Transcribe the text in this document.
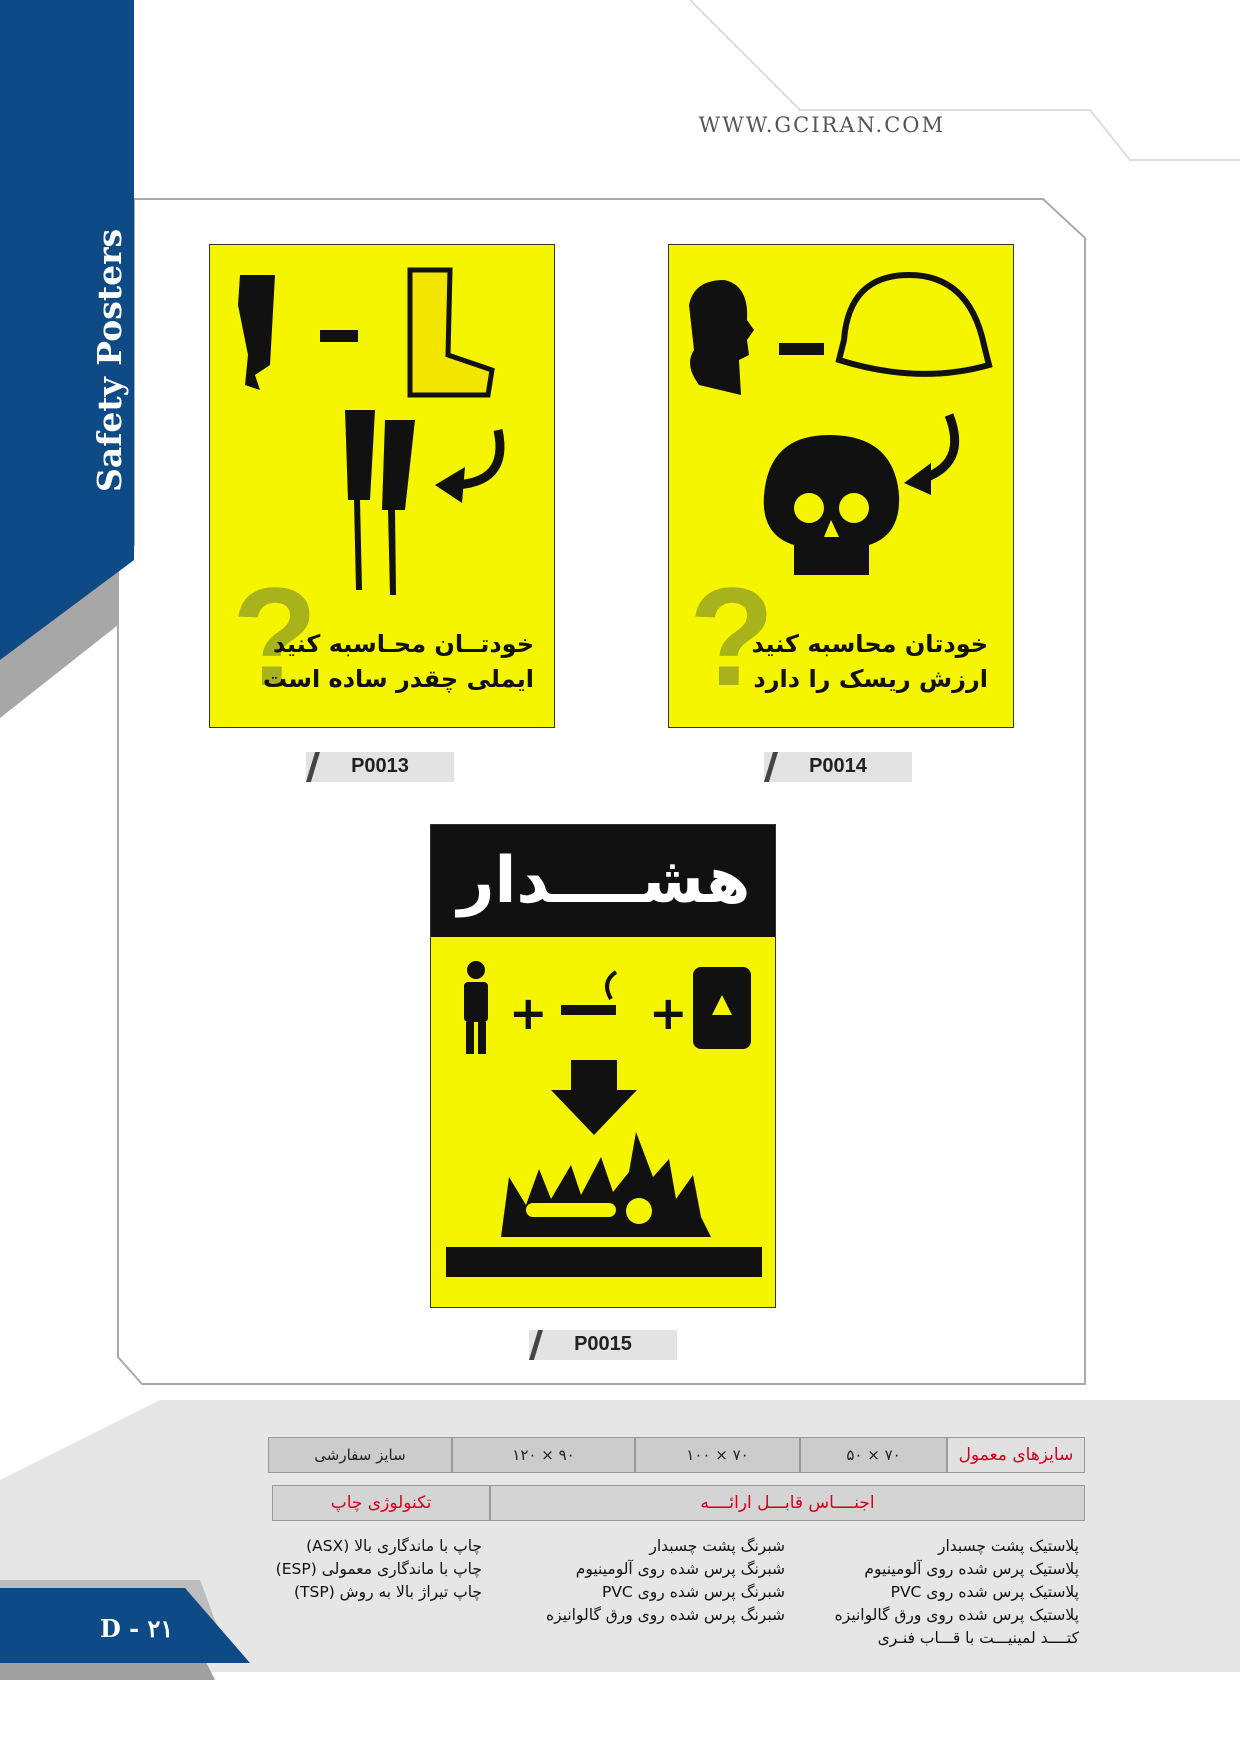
Safety Posters
WWW.GCIRAN.COM
?
خودتــان محـاسبه کنید
ایملی چقدر ساده است
P0013
?
خودتان محاسبه کنید
ارزش ریسک را دارد
P0014
هشــــدار
+ +
P0015
سایزهای معمول
۷۰ × ۵۰
۷۰ × ۱۰۰
۹۰ × ۱۲۰
سایز سفارشی
اجنــــاس قابـــل ارائــــه
تکنولوژی چاپ
پلاستیک پشت چسبدار
پلاستیک پرس شده روی آلومینیوم
پلاستیک پرس شده روی PVC
پلاستیک پرس شده روی ورق گالوانیزه
کتــــد لمینیـــت با قـــاب فنـری
شبرنگ پشت چسبدار
شبرنگ پرس شده روی آلومینیوم
شبرنگ پرس شده روی PVC
شبرنگ پرس شده روی ورق گالوانیزه
چاپ با ماندگاری بالا (ASX)
چاپ با ماندگاری معمولی (ESP)
چاپ تیراژ بالا به روش (TSP)
D - ۲۱
